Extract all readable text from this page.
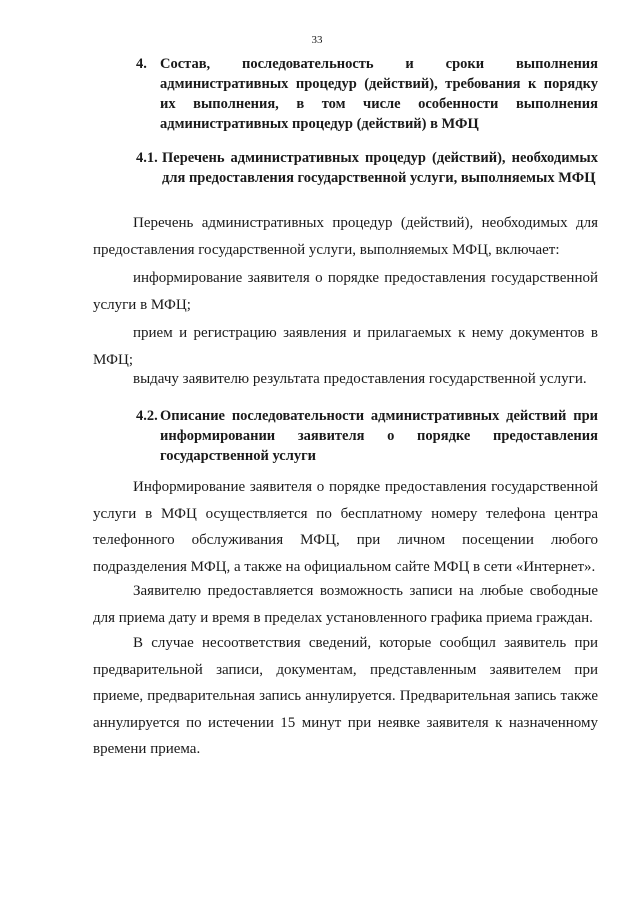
33
4. Состав, последовательность и сроки выполнения административных процедур (действий), требования к порядку их выполнения, в том числе особенности выполнения административных процедур (действий) в МФЦ
4.1. Перечень административных процедур (действий), необходимых для предоставления государственной услуги, выполняемых МФЦ

Перечень административных процедур (действий), необходимых для предоставления государственной услуги, выполняемых МФЦ, включает:

информирование заявителя о порядке предоставления государственной услуги в МФЦ;

прием и регистрацию заявления и прилагаемых к нему документов в МФЦ;

выдачу заявителю результата предоставления государственной услуги.

4.2. Описание последовательности административных действий при информировании заявителя о порядке предоставления государственной услуги

Информирование заявителя о порядке предоставления государственной услуги в МФЦ осуществляется по бесплатному номеру телефона центра телефонного обслуживания МФЦ, при личном посещении любого подразделения МФЦ, а также на официальном сайте МФЦ в сети «Интернет».

Заявителю предоставляется возможность записи на любые свободные для приема дату и время в пределах установленного графика приема граждан.

В случае несоответствия сведений, которые сообщил заявитель при предварительной записи, документам, представленным заявителем при приеме, предварительная запись аннулируется. Предварительная запись также аннулируется по истечении 15 минут при неявке заявителя к назначенному времени приема.
